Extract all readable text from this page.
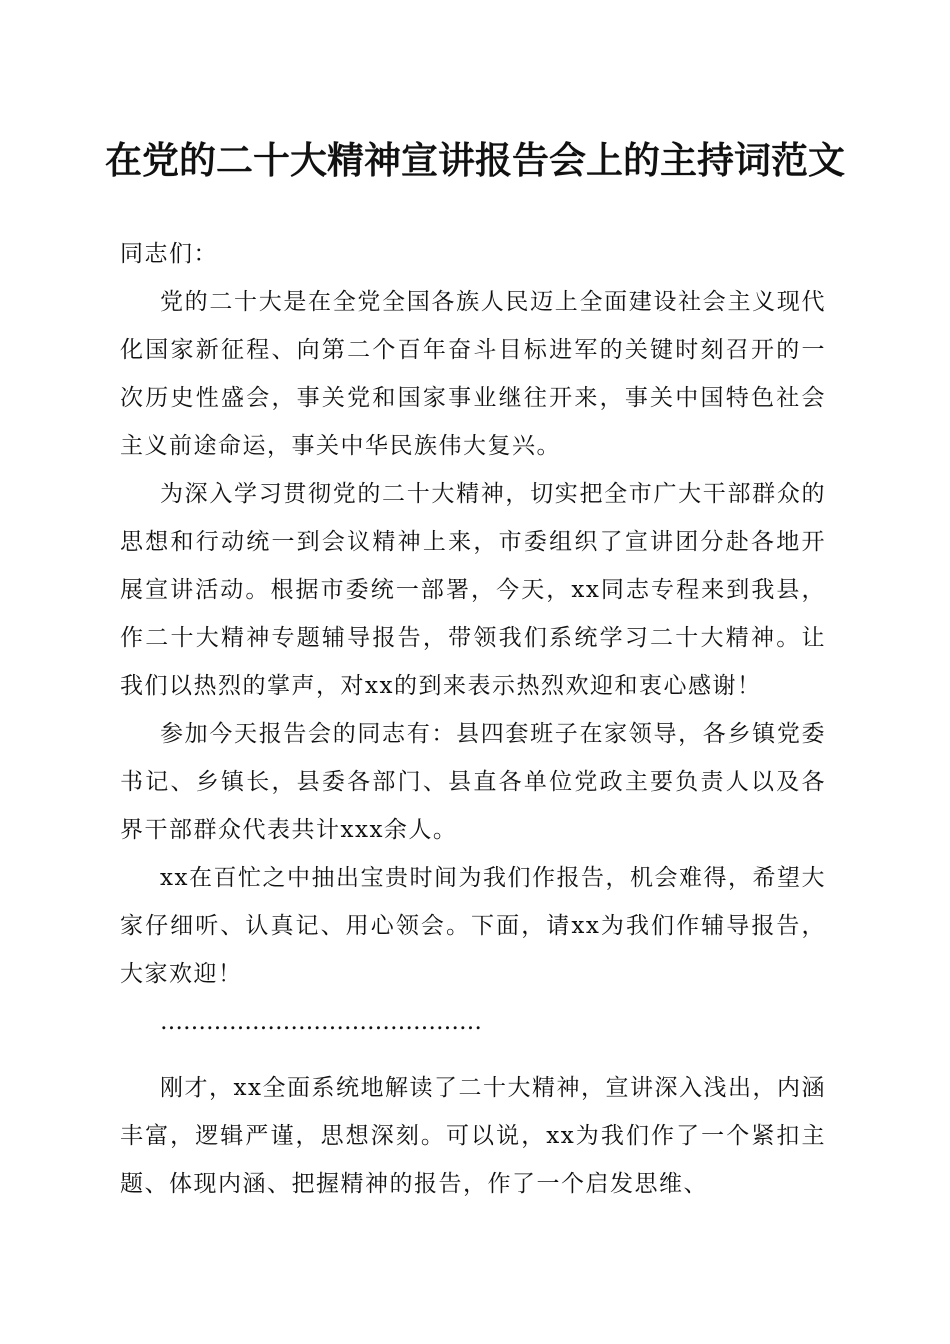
在党的二十大精神宣讲报告会上的主持词范文

同志们：

党的二十大是在全党全国各族人民迈上全面建设社会主义现代化国家新征程、向第二个百年奋斗目标进军的关键时刻召开的一次历史性盛会，事关党和国家事业继往开来，事关中国特色社会主义前途命运，事关中华民族伟大复兴。

为深入学习贯彻党的二十大精神，切实把全市广大干部群众的思想和行动统一到会议精神上来，市委组织了宣讲团分赴各地开展宣讲活动。根据市委统一部署，今天，xx同志专程来到我县，作二十大精神专题辅导报告，带领我们系统学习二十大精神。让我们以热烈的掌声，对xx的到来表示热烈欢迎和衷心感谢！

参加今天报告会的同志有：县四套班子在家领导，各乡镇党委书记、乡镇长，县委各部门、县直各单位党政主要负责人以及各界干部群众代表共计xxx余人。

xx在百忙之中抽出宝贵时间为我们作报告，机会难得，希望大家仔细听、认真记、用心领会。下面，请xx为我们作辅导报告，大家欢迎！

……………………………………

刚才，xx全面系统地解读了二十大精神，宣讲深入浅出，内涵丰富，逻辑严谨，思想深刻。可以说，xx为我们作了一个紧扣主题、体现内涵、把握精神的报告，作了一个启发思维、
